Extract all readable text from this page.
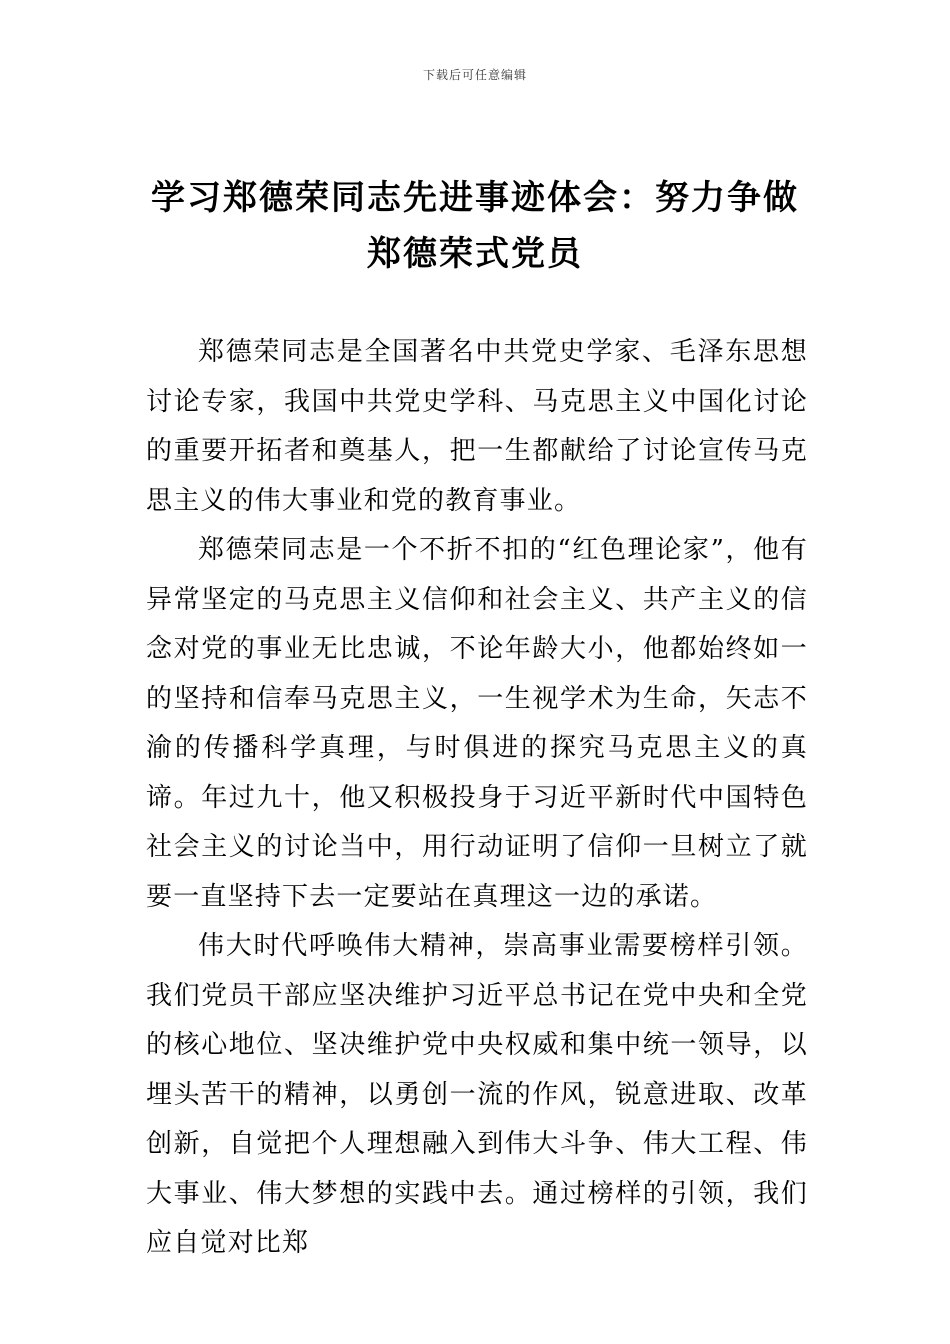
下载后可任意编辑
学习郑德荣同志先进事迹体会：努力争做郑德荣式党员

郑德荣同志是全国著名中共党史学家、毛泽东思想讨论专家，我国中共党史学科、马克思主义中国化讨论的重要开拓者和奠基人，把一生都献给了讨论宣传马克思主义的伟大事业和党的教育事业。

郑德荣同志是一个不折不扣的“红色理论家”，他有异常坚定的马克思主义信仰和社会主义、共产主义的信念对党的事业无比忠诚，不论年龄大小，他都始终如一的坚持和信奉马克思主义，一生视学术为生命，矢志不渝的传播科学真理，与时俱进的探究马克思主义的真谛。年过九十，他又积极投身于习近平新时代中国特色社会主义的讨论当中，用行动证明了信仰一旦树立了就要一直坚持下去一定要站在真理这一边的承诺。

伟大时代呼唤伟大精神，崇高事业需要榜样引领。我们党员干部应坚决维护习近平总书记在党中央和全党的核心地位、坚决维护党中央权威和集中统一领导，以埋头苦干的精神，以勇创一流的作风，锐意进取、改革创新，自觉把个人理想融入到伟大斗争、伟大工程、伟大事业、伟大梦想的实践中去。通过榜样的引领，我们应自觉对比郑
